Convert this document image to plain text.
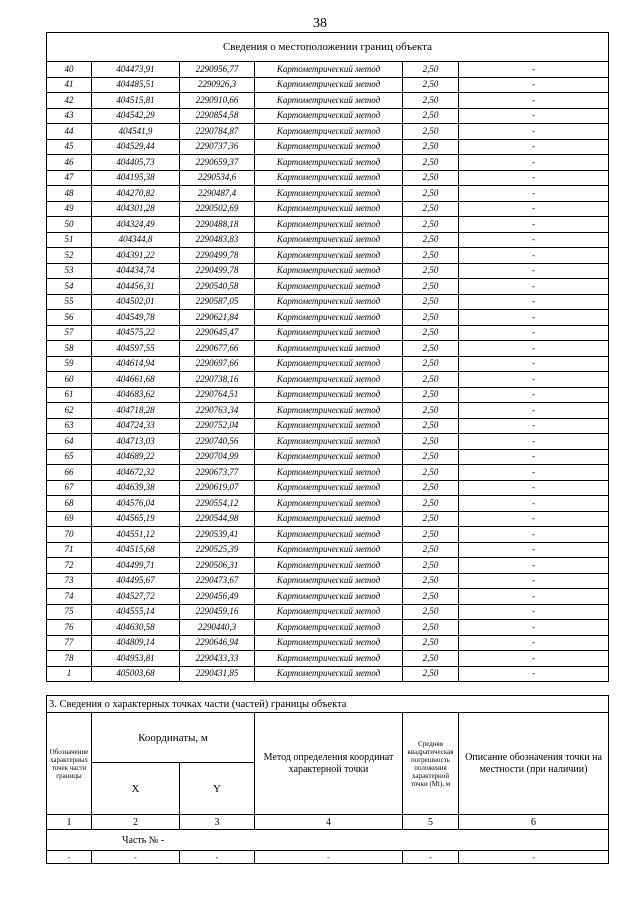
38
Сведения о местоположении границ объекта					
40	404473,91	2290956,77	Картометрический метод	2,50	-
41	404485,51	2290926,3	Картометрический метод	2,50	-
42	404515,81	2290910,66	Картометрический метод	2,50	-
43	404542,29	2290854,58	Картометрический метод	2,50	-
44	404541,9	2290784,87	Картометрический метод	2,50	-
45	404529,44	2290737,36	Картометрический метод	2,50	-
46	404405,73	2290659,37	Картометрический метод	2,50	-
47	404195,38	2290534,6	Картометрический метод	2,50	-
48	404270,82	2290487,4	Картометрический метод	2,50	-
49	404301,28	2290502,69	Картометрический метод	2,50	-
50	404324,49	2290488,18	Картометрический метод	2,50	-
51	404344,8	2290483,83	Картометрический метод	2,50	-
52	404391,22	2290499,78	Картометрический метод	2,50	-
53	404434,74	2290499,78	Картометрический метод	2,50	-
54	404456,31	2290540,58	Картометрический метод	2,50	-
55	404502,01	2290587,05	Картометрический метод	2,50	-
56	404549,78	2290621,84	Картометрический метод	2,50	-
57	404575,22	2290645,47	Картометрический метод	2,50	-
58	404597,55	2290677,66	Картометрический метод	2,50	-
59	404614,94	2290697,66	Картометрический метод	2,50	-
60	404661,68	2290738,16	Картометрический метод	2,50	-
61	404683,62	2290764,51	Картометрический метод	2,50	-
62	404718,28	2290763,34	Картометрический метод	2,50	-
63	404724,33	2290752,04	Картометрический метод	2,50	-
64	404713,03	2290740,56	Картометрический метод	2,50	-
65	404689,22	2290704,99	Картометрический метод	2,50	-
66	404672,32	2290673,77	Картометрический метод	2,50	-
67	404639,38	2290619,07	Картометрический метод	2,50	-
68	404576,04	2290554,12	Картометрический метод	2,50	-
69	404565,19	2290544,98	Картометрический метод	2,50	-
70	404551,12	2290539,41	Картометрический метод	2,50	-
71	404515,68	2290525,39	Картометрический метод	2,50	-
72	404499,71	2290506,31	Картометрический метод	2,50	-
73	404495,67	2290473,67	Картометрический метод	2,50	-
74	404527,72	2290456,49	Картометрический метод	2,50	-
75	404555,14	2290459,16	Картометрический метод	2,50	-
76	404630,58	2290440,3	Картометрический метод	2,50	-
77	404809,14	2290646,94	Картометрический метод	2,50	-
78	404953,81	2290433,33	Картометрический метод	2,50	-
1	405003,68	2290431,85	Картометрический метод	2,50	-
3. Сведения о характерных точках части (частей) границы объекта					
Обозначение характерных точек части границы	Координаты, м		Метод определения координат характерной точки	Средняя квадратическая погрешность положения характерной точки (Мt), м	Описание обозначения точки на местности (при наличии)
	X	Y			
1	2	3	4	5	6
Часть № -					
-	-	-	-	-	-
